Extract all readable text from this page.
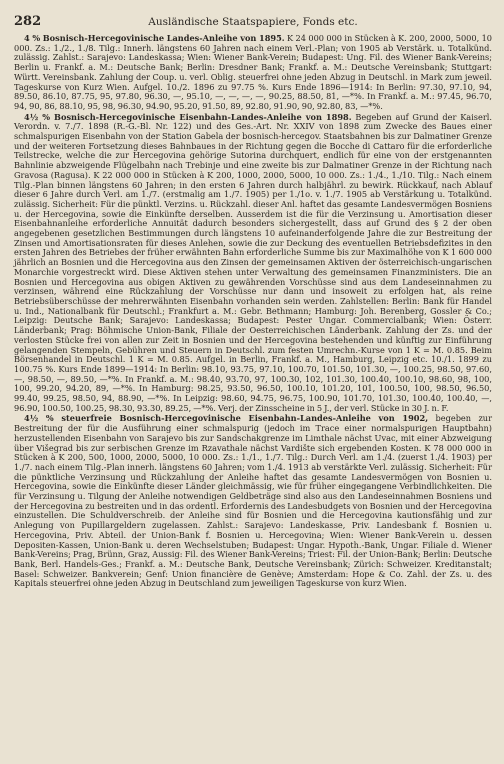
282	Ausländische Staatspapiere, Fonds etc.

4 % Bosnisch-Hercegovinische Landes-Anleihe von 1895. K 24 000 000 in Stücken à K. 200, 2000, 5000, 10 000. Zs.: 1./2., 1./8. Tilg.: Innerh. längstens 60 Jahren nach einem Verl.-Plan; von 1905 ab Verstärk. u. Totalkünd. zulässig. Zahlst.: Sarajevo: Landeskassa; Wien: Wiener Bank-Verein; Budapest: Ung. Fil. des Wiener Bank-Vereins; Berlin u. Frankf. a. M.: Deutsche Bank; Berlin: Dresdner Bank; Frankf. a. M.: Deutsche Vereinsbank; Stuttgart: Württ. Vereinsbank. Zahlung der Coup. u. verl. Oblig. steuerfrei ohne jeden Abzug in Deutschl. in Mark zum jeweil. Tageskurse von Kurz Wien. Aufgel. 10./2. 1896 zu 97.75 %. Kurs Ende 1896—1914: In Berlin: 97.30, 97.10, 94, 89.50, 86.10, 87.75, 95, 97.80, 96.30, —, 95.10, —, —, —, —, 90.25, 88.50, 81, —*%. In Frankf. a. M.: 97.45, 96.70, 94, 90, 86, 88.10, 95, 98, 96.30, 94.90, 95.20, 91.50, 89, 92.80, 91.90, 90, 92.80, 83, —*%.

4½ % Bosnisch-Hercegovinische Eisenbahn-Landes-Anleihe von 1898. Begeben auf Grund der Kaiserl. Verordn. v. 7./7. 1898 (R.-G.-Bl. Nr. 122) und des Ges.-Art. Nr. XXIV von 1898 zum Zwecke des Baues einer schmalspurigen Eisenbahn von der Station Gabela der bosnisch-hercegov. Staatsbahnen bis zur Dalmatiner Grenze und der weiteren Fortsetzung dieses Bahnbaues in der Richtung gegen die Bocche di Cattaro für die erforderliche Teilstrecke, welche die zur Hercegovina gehörige Sutorina durchquert, endlich für eine von der erstgenannten Bahnlinie abzweigende Flügelbahn nach Trebinje und eine zweite bis zur Dalmatiner Grenze in der Richtung nach Gravosa (Ragusa). K 22 000 000 in Stücken à K 200, 1000, 2000, 5000, 10 000. Zs.: 1./4., 1./10. Tilg.: Nach einem Tilg.-Plan binnen längstens 60 Jahren; in den ersten 6 Jahren durch halbjährl. zu bewirk. Rückkauf, nach Ablauf dieser 6 Jahre durch Verl. am 1./7. (erstmalig am 1./7. 1905) per 1./1o. v. 1./7. 1905 ab Verstärkung u. Totalkünd. zulässig. Sicherheit: Für die pünktl. Verzins. u. Rückzahl. dieser Anl. haftet das gesamte Landesvermögen Bosniens u. der Hercegovina, sowie die Einkünfte derselben. Ausserdem ist die für die Verzinsung u. Amortisation dieser Eisenbahnanleihe erforderliche Annuität dadurch besonders sichergestellt, dass auf Grund des § 2 der oben angegebenen gesetzlichen Bestimmungen durch längstens 10 aufeinanderfolgende Jahre die zur Bestreitung der Zinsen und Amortisationsraten für dieses Anlehen, sowie die zur Deckung des eventuellen Betriebsdefizites in den ersten Jahren des Betriebes der früher erwähnten Bahn erforderliche Summe bis zur Maximalhöhe von K 1 600 000 jährlich an Bosnien und die Hercegovina aus den Zinsen der gemeinsamen Aktiven der österreichisch-ungarischen Monarchie vorgestreckt wird. Diese Aktiven stehen unter Verwaltung des gemeinsamen Finanzministers. Die an Bosnien und Hercegovina aus obigen Aktiven zu gewährenden Vorschüsse sind aus dem Landeseinnahmen zu verzinsen, während eine Rückzahlung der Vorschüsse nur dann und insoweit zu erfolgen hat, als reine Betriebsüberschüsse der mehrerwähnten Eisenbahn vorhanden sein werden. Zahlstellen: Berlin: Bank für Handel u. Ind., Nationalbank für Deutschl.; Frankfurt a. M.: Gebr. Bethmann; Hamburg: Joh. Berenberg, Gossler & Co.; Leipzig: Deutsche Bank; Sarajevo: Landeskassa; Budapest: Pester Ungar. Commercialbank; Wien: Österr. Länderbank; Prag: Böhmische Union-Bank, Filiale der Oesterreichischen Länderbank. Zahlung der Zs. und der verlosten Stücke frei von allen zur Zeit in Bosnien und der Hercegovina bestehenden und künftig zur Einführung gelangenden Stempeln, Gebühren und Steuern in Deutschl. zum festen Umrechn.-Kurse von 1 K = M. 0.85. Beim Börsenhandel in Deutschl. 1 K = M. 0.85. Aufgel. in Berlin, Frankf. a. M., Hamburg, Leipzig etc. 10./1. 1899 zu 100.75 %. Kurs Ende 1899—1914: In Berlin: 98.10, 93.75, 97.10, 100.70, 101.50, 101.30, —, 100.25, 98.50, 97.60, —, 98.50, —, 89.50, —*%. In Frankf. a. M.: 98.40, 93.70, 97, 100.30, 102, 101.30, 100.40, 100.10, 98.60, 98, 100, 100, 99.20, 94.20, 89, —*%. In Hamburg: 98.25, 93.50, 96.50, 100.10, 101.20, 101, 100.50, 100, 98.50, 96.50, 99.40, 99.25, 98.50, 94, 88.90, —*%. In Leipzig: 98.60, 94.75, 96.75, 100.90, 101.70, 101.30, 100.40, 100.40, —, 96.90, 100.50, 100.25, 98.30, 93.30, 89.25, —*%. Verj. der Zinsscheine in 5 J., der verl. Stücke in 30 J. n. F.

4½ % steuerfreie Bosnisch-Hercegovinische Eisenbahn-Landes-Anleihe von 1902, begeben zur Bestreitung der für die Ausführung einer schmalspurig (jedoch im Trace einer normalspurigen Hauptbahn) herzustellenden Eisenbahn von Sarajevo bis zur Sandschakgrenze im Limthale nächst Uvac, mit einer Abzweigung über Višegrad bis zur serbischen Grenze im Rzavathale nächst Vardište sich ergebenden Kosten. K 78 000 000 in Stücken à K 200, 500, 1000, 2000, 5000, 10 000. Zs.: 1./1., 1./7. Tilg.: Durch Verl. am 1./4. (zuerst 1./4. 1903) per 1./7. nach einem Tilg.-Plan innerh. längstens 60 Jahren; vom 1./4. 1913 ab verstärkte Verl. zulässig. Sicherheit: Für die pünktliche Verzinsung und Rückzahlung der Anleihe haftet das gesamte Landesvermögen von Bosnien u. Hercegovina, sowie die Einkünfte dieser Länder gleichmässig, wie für früher eingegangene Verbindlichkeiten. Die für Verzinsung u. Tilgung der Anleihe notwendigen Geldbeträge sind also aus den Landeseinnahmen Bosniens und der Hercegovina zu bestreiten und in das ordentl. Erfordernis des Landesbudgets von Bosnien und der Hercegovina einzustellen. Die Schuldverschreib. der Anleihe sind für Bosnien und die Hercegovina kautionsfähig und zur Anlegung von Pupillargeldern zugelassen. Zahlst.: Sarajevo: Landeskasse, Priv. Landesbank f. Bosnien u. Hercegovina, Priv. Abteil. der Union-Bank f. Bosnien u. Hercegovina; Wien: Wiener Bank-Verein u. dessen Depositen-Kassen, Union-Bank u. deren Wechselstuben; Budapest: Ungar. Hypoth.-Bank, Ungar. Filiale d. Wiener Bank-Vereins; Prag, Brünn, Graz, Aussig: Fil. des Wiener Bank-Vereins; Triest: Fil. der Union-Bank; Berlin: Deutsche Bank, Berl. Handels-Ges.; Frankf. a. M.: Deutsche Bank, Deutsche Vereinsbank; Zürich: Schweizer. Kreditanstalt; Basel: Schweizer. Bankverein; Genf: Union financière de Genève; Amsterdam: Hope & Co. Zahl. der Zs. u. des Kapitals steuerfrei ohne jeden Abzug in Deutschland zum jeweiligen Tageskurse von kurz Wien.
